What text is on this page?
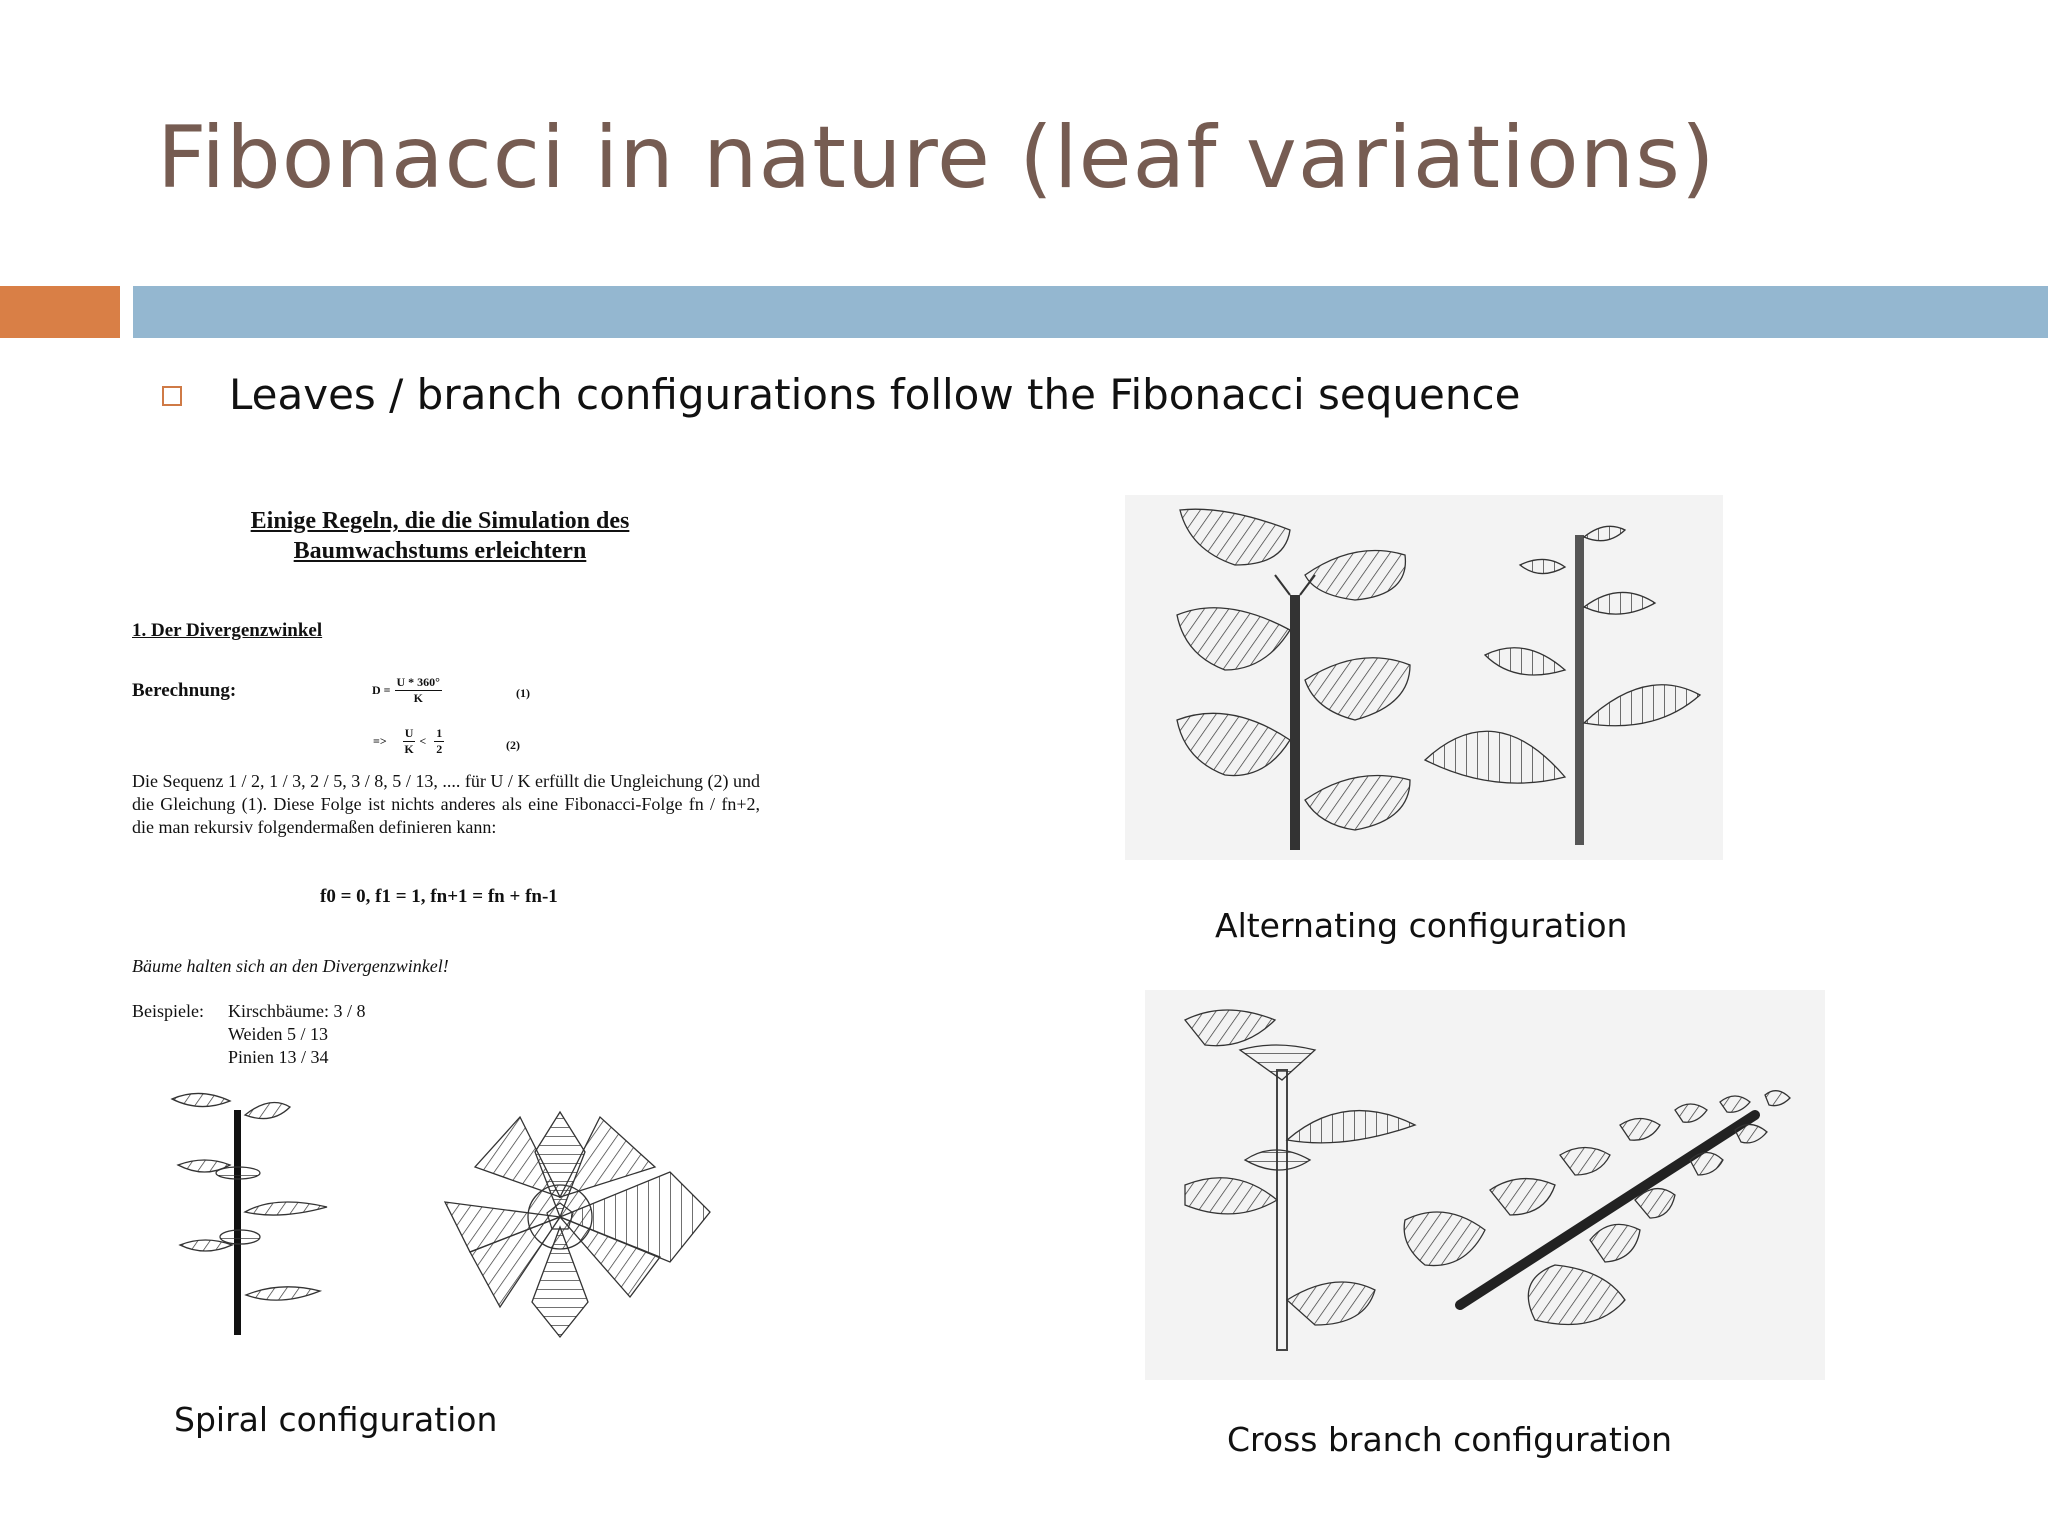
Fibonacci in nature (leaf variations)
Leaves / branch configurations follow the Fibonacci sequence
Einige Regeln, die die Simulation des
Baumwachstums erleichtern
1. Der Divergenzwinkel
Berechnung:	$D = \frac{U * 360^\circ}{K}$	(1)
=> $\frac{U}{K} < \frac{1}{2}$	(2)
Die Sequenz 1 / 2, 1 / 3, 2 / 5, 3 / 8, 5 / 13, .... für U / K erfüllt die Ungleichung (2) und die Gleichung (1). Diese Folge ist nichts anderes als eine Fibonacci-Folge fn / fn+2, die man rekursiv folgendermaßen definieren kann:
f0 = 0, f1 = 1, fn+1 = fn + fn-1
Bäume halten sich an den Divergenzwinkel!
Beispiele: Kirschbäume: 3 / 8
Weiden 5 / 13
Pinien 13 / 34
Spiral configuration
Alternating configuration
Cross branch configuration
